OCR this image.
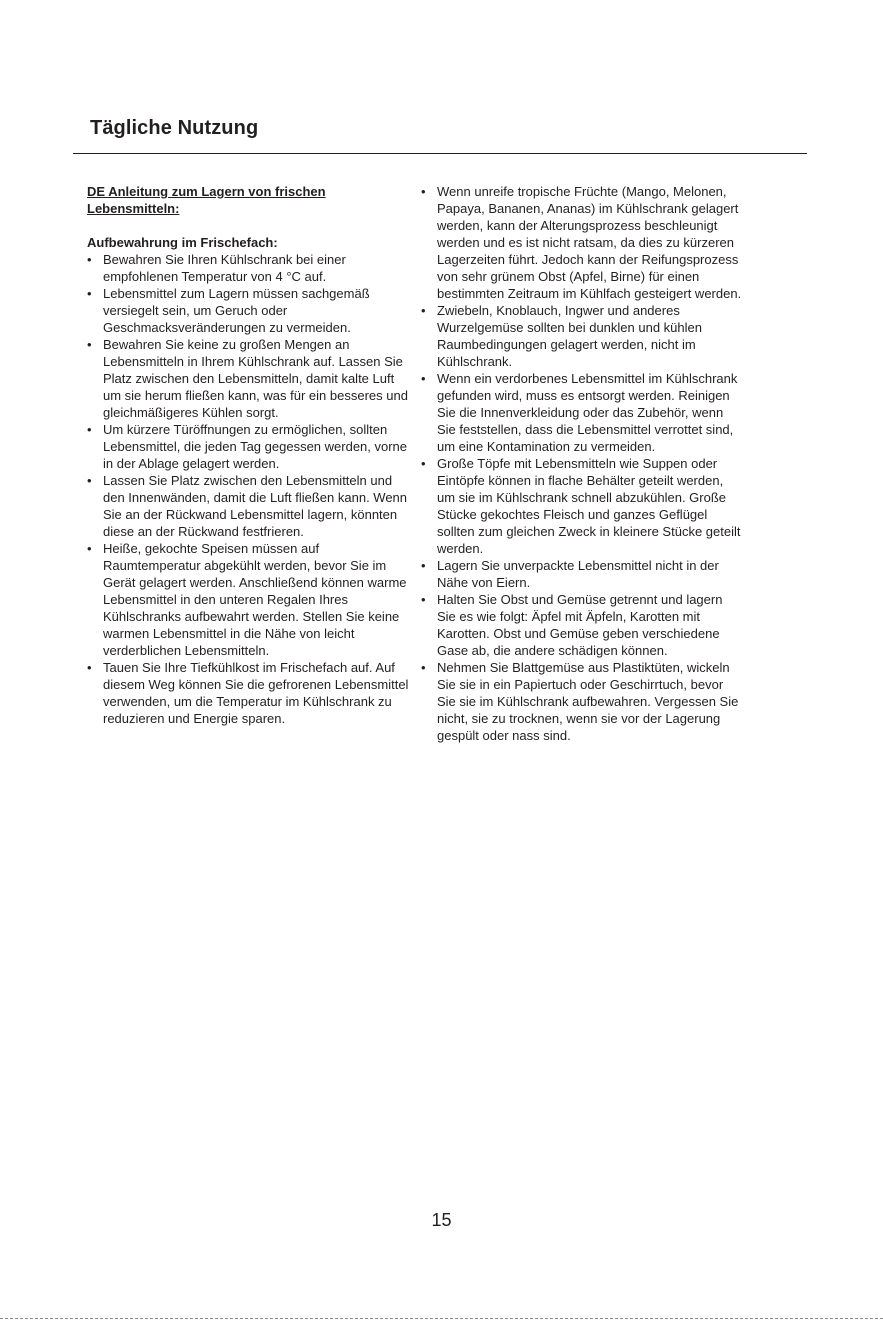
Tägliche Nutzung

DE Anleitung zum Lagern von frischen Lebensmitteln:

Aufbewahrung im Frischefach:

• Bewahren Sie Ihren Kühlschrank bei einer empfohlenen Temperatur von 4 °C auf.
• Lebensmittel zum Lagern müssen sachgemäß versiegelt sein, um Geruch oder Geschmacksveränderungen zu vermeiden.
• Bewahren Sie keine zu großen Mengen an Lebensmitteln in Ihrem Kühlschrank auf. Lassen Sie Platz zwischen den Lebensmitteln, damit kalte Luft um sie herum fließen kann, was für ein besseres und gleichmäßigeres Kühlen sorgt.
• Um kürzere Türöffnungen zu ermöglichen, sollten Lebensmittel, die jeden Tag gegessen werden, vorne in der Ablage gelagert werden.
• Lassen Sie Platz zwischen den Lebensmitteln und den Innenwänden, damit die Luft fließen kann. Wenn Sie an der Rückwand Lebensmittel lagern, könnten diese an der Rückwand festfrieren.
• Heiße, gekochte Speisen müssen auf Raumtemperatur abgekühlt werden, bevor Sie im Gerät gelagert werden. Anschließend können warme Lebensmittel in den unteren Regalen Ihres Kühlschranks aufbewahrt werden. Stellen Sie keine warmen Lebensmittel in die Nähe von leicht verderblichen Lebensmitteln.
• Tauen Sie Ihre Tiefkühlkost im Frischefach auf. Auf diesem Weg können Sie die gefrorenen Lebensmittel verwenden, um die Temperatur im Kühlschrank zu reduzieren und Energie sparen.
• Wenn unreife tropische Früchte (Mango, Melonen, Papaya, Bananen, Ananas) im Kühlschrank gelagert werden, kann der Alterungsprozess beschleunigt werden und es ist nicht ratsam, da dies zu kürzeren Lagerzeiten führt. Jedoch kann der Reifungsprozess von sehr grünem Obst (Apfel, Birne) für einen bestimmten Zeitraum im Kühlfach gesteigert werden.
• Zwiebeln, Knoblauch, Ingwer und anderes Wurzelgemüse sollten bei dunklen und kühlen Raumbedingungen gelagert werden, nicht im Kühlschrank.
• Wenn ein verdorbenes Lebensmittel im Kühlschrank gefunden wird, muss es entsorgt werden. Reinigen Sie die Innenverkleidung oder das Zubehör, wenn Sie feststellen, dass die Lebensmittel verrottet sind, um eine Kontamination zu vermeiden.
• Große Töpfe mit Lebensmitteln wie Suppen oder Eintöpfe können in flache Behälter geteilt werden, um sie im Kühlschrank schnell abzukühlen. Große Stücke gekochtes Fleisch und ganzes Geflügel sollten zum gleichen Zweck in kleinere Stücke geteilt werden.
• Lagern Sie unverpackte Lebensmittel nicht in der Nähe von Eiern.
• Halten Sie Obst und Gemüse getrennt und lagern Sie es wie folgt: Äpfel mit Äpfeln, Karotten mit Karotten. Obst und Gemüse geben verschiedene Gase ab, die andere schädigen können.
• Nehmen Sie Blattgemüse aus Plastiktüten, wickeln Sie sie in ein Papiertuch oder Geschirrtuch, bevor Sie sie im Kühlschrank aufbewahren. Vergessen Sie nicht, sie zu trocknen, wenn sie vor der Lagerung gespült oder nass sind.
15
